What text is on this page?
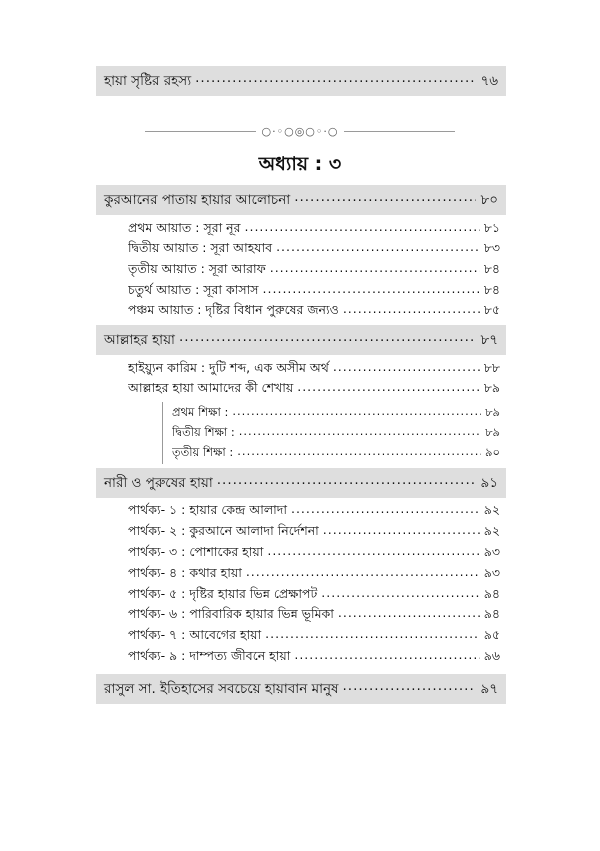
হায়া সৃষ্টির রহস্য .....	৭৬
○·◦○◎○◦·○
অধ্যায় : ৩
কুরআনের পাতায় হায়ার আলোচনা .....	৮০
প্রথম আয়াত : সূরা নূর .....	৮১
দ্বিতীয় আয়াত : সূরা আহযাব .....	৮৩
তৃতীয় আয়াত : সূরা আরাফ .....	৮৪
চতুর্থ আয়াত : সূরা কাসাস .....	৮৪
পঞ্চম আয়াত : দৃষ্টির বিধান পুরুষের জন্যও .....	৮৫
আল্লাহর হায়া .....	৮৭
হাইয়্যুন কারিম : দুটি শব্দ, এক অসীম অর্থ .....	৮৮
আল্লাহর হায়া আমাদের কী শেখায় .....	৮৯
প্রথম শিক্ষা : .....	৮৯
দ্বিতীয় শিক্ষা : .....	৮৯
তৃতীয় শিক্ষা : .....	৯০
নারী ও পুরুষের হায়া .....	৯১
পার্থক্য- ১ : হায়ার কেন্দ্র আলাদা .....	৯২
পার্থক্য- ২ : কুরআনে আলাদা নির্দেশনা .....	৯২
পার্থক্য- ৩ : পোশাকের হায়া .....	৯৩
পার্থক্য- ৪ : কথার হায়া .....	৯৩
পার্থক্য- ৫ : দৃষ্টির হায়ার ভিন্ন প্রেক্ষাপট .....	৯৪
পার্থক্য- ৬ : পারিবারিক হায়ার ভিন্ন ভূমিকা .....	৯৪
পার্থক্য- ৭ : আবেগের হায়া .....	৯৫
পার্থক্য- ৯ : দাম্পত্য জীবনে হায়া .....	৯৬
রাসুল সা. ইতিহাসের সবচেয়ে হায়াবান মানুষ .....	৯৭
